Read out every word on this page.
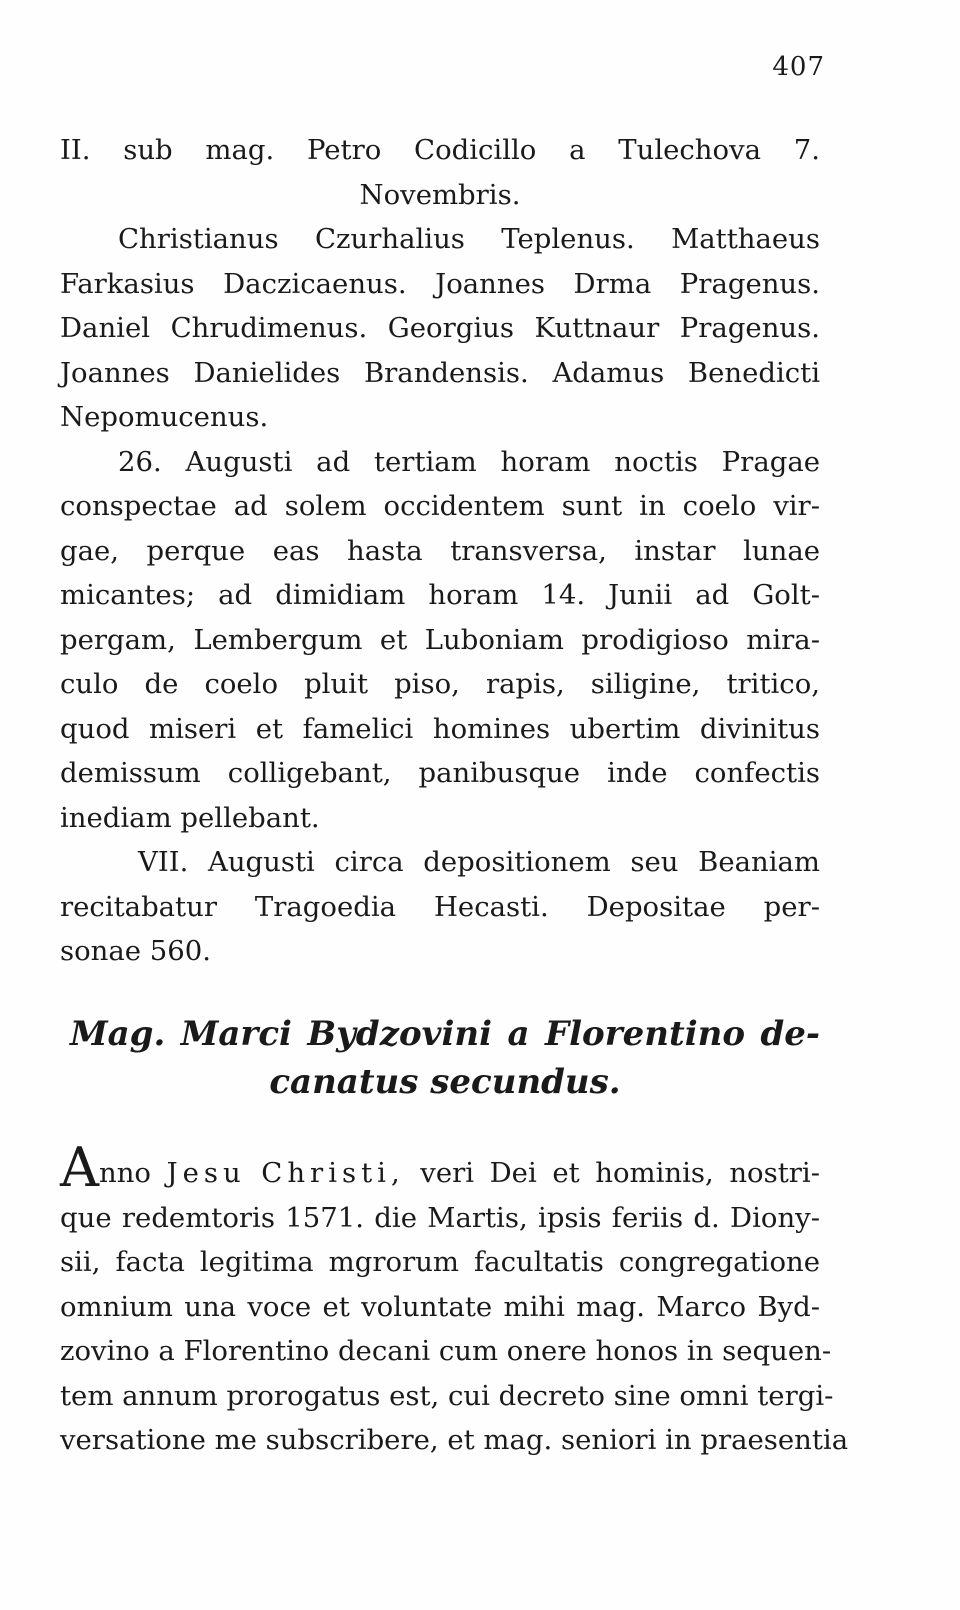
407
II. sub mag. Petro Codicillo a Tulechova 7.
Novembris.
Christianus Czurhalius Teplenus. Matthaeus
Farkasius Daczicaenus. Joannes Drma Pragenus.
Daniel Chrudimenus. Georgius Kuttnaur Pragenus.
Joannes Danielides Brandensis. Adamus Benedicti
Nepomucenus.
26. Augusti ad tertiam horam noctis Pragae
conspectae ad solem occidentem sunt in coelo vir-
gae, perque eas hasta transversa, instar lunae
micantes; ad dimidiam horam 14. Junii ad Golt-
pergam, Lembergum et Luboniam prodigioso mira-
culo de coelo pluit piso, rapis, siligine, tritico,
quod miseri et famelici homines ubertim divinitus
demissum colligebant, panibusque inde confectis
inediam pellebant.
VII. Augusti circa depositionem seu Beaniam
recitabatur Tragoedia Hecasti. Depositae per-
sonae 560.
Mag. Marci Bydzovini a Florentino de-
canatus secundus.
Anno Jesu Christi, veri Dei et hominis, nostri-
que redemtoris 1571. die Martis, ipsis feriis d. Diony-
sii, facta legitima mgrorum facultatis congregatione
omnium una voce et voluntate mihi mag. Marco Byd-
zovino a Florentino decani cum onere honos in sequen-
tem annum prorogatus est, cui decreto sine omni tergi-
versatione me subscribere, et mag. seniori in praesentia
